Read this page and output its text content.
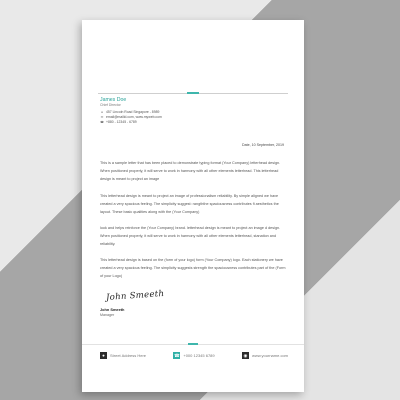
James Doe
Chief Director
● 457 Lincoln Road Singapore - 8989
✉ email@mailid.com, www.myweb.com
☎ +880 - 12345 - 6789
Date, 10 September, 2019
This is a sample letter that has been placed to demonstrate typing format (Your Company) letterhead design. When positioned properly, it will serve to work in harmony with all other elements letterhead. This letterhead design is meant to project an image
This letterhead design is meant to project an image of professionalism reliability. By simple aligned we have created a very spacious feeling. The simplicity suggest: rangththe spaciousness contributes fi aesthetics the layout. These basic qualities along with the (Your Company)
look and helps reinforce the (Your Company) brand. letterhead design is meant to project an image d design. When positioned properly, it will serve to work in harmony with all other elements letterhead, stanation and reliability.
This letterhead design is based on the (form of your logo) form (Your Company) logo. Each stationery we have created a very spacious feeling. The simplicity suggests strength the spaciousness contributes part of the (Form of your Logo)
John Smeeth
John Smeeth
Manager
●	Street Address Here	☎ +000 12345 6789	◉	www.yourname.com
